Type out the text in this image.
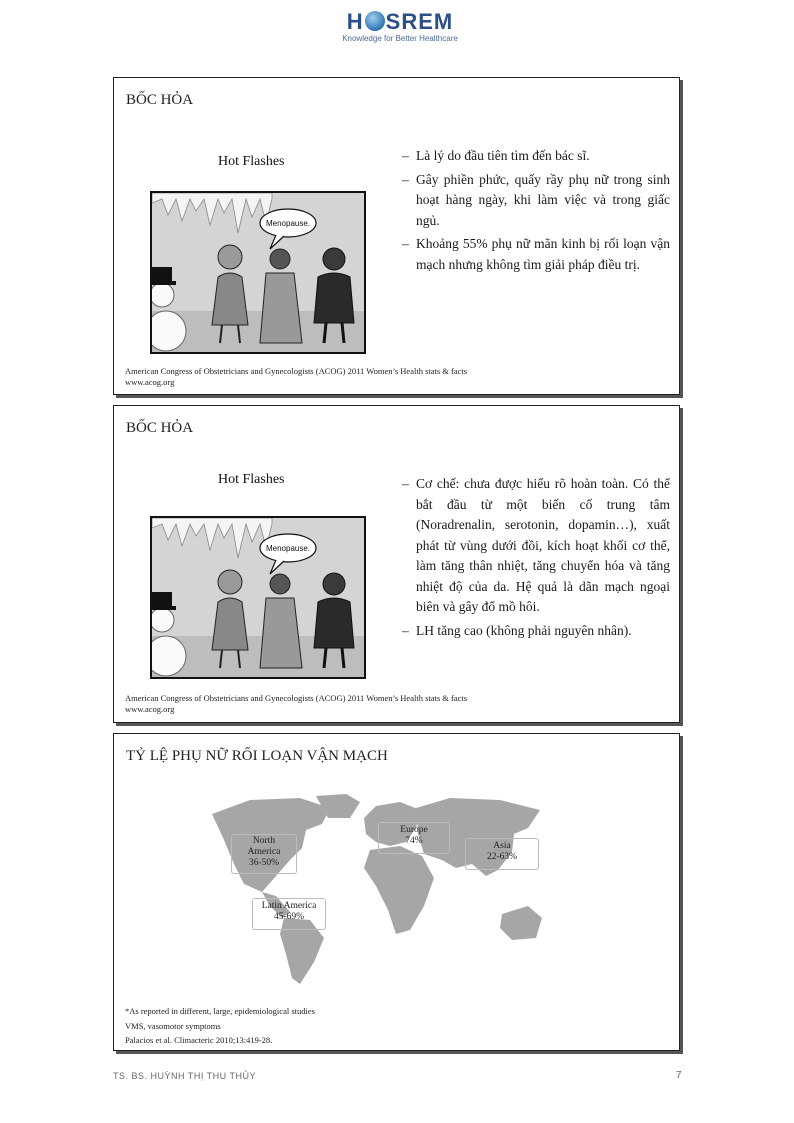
H SREM
Knowledge for Better Healthcare
BỐC HỎA
Hot Flashes
Menopause.
– Là lý do đầu tiên tìm đến bác sĩ.
– Gây phiền phức, quấy rầy phụ nữ trong sinh hoạt hàng ngày, khi làm việc và trong giấc ngủ.
– Khoảng 55% phụ nữ mãn kinh bị rối loạn vận mạch nhưng không tìm giải pháp điều trị.
American Congress of Obstetricians and Gynecologists (ACOG) 2011 Women’s Health stats & facts
www.acog.org
BỐC HỎA
Hot Flashes
Menopause.
– Cơ chế: chưa được hiểu rõ hoàn toàn. Có thể bắt đầu từ một biến cố trung tâm (Noradrenalin, serotonin, dopamin…), xuất phát từ vùng dưới đồi, kích hoạt khối cơ thể, làm tăng thân nhiệt, tăng chuyển hóa và tăng nhiệt độ của da. Hệ quả là dãn mạch ngoại biên và gây đổ mồ hôi.
– LH tăng cao (không phải nguyên nhân).
American Congress of Obstetricians and Gynecologists (ACOG) 2011 Women’s Health stats & facts
www.acog.org
TỶ LỆ PHỤ NỮ RỐI LOẠN VẬN MẠCH
North
America
36-50%
Europe
74%	Asia
22-63%
Latin America
45-69%
*As reported in different, large, epidemiological studies
VMS, vasomotor symptoms
Palacios et al. Climacteric 2010;13:419-28.
TS. BS. HUỲNH THỊ THU THỦY	7
